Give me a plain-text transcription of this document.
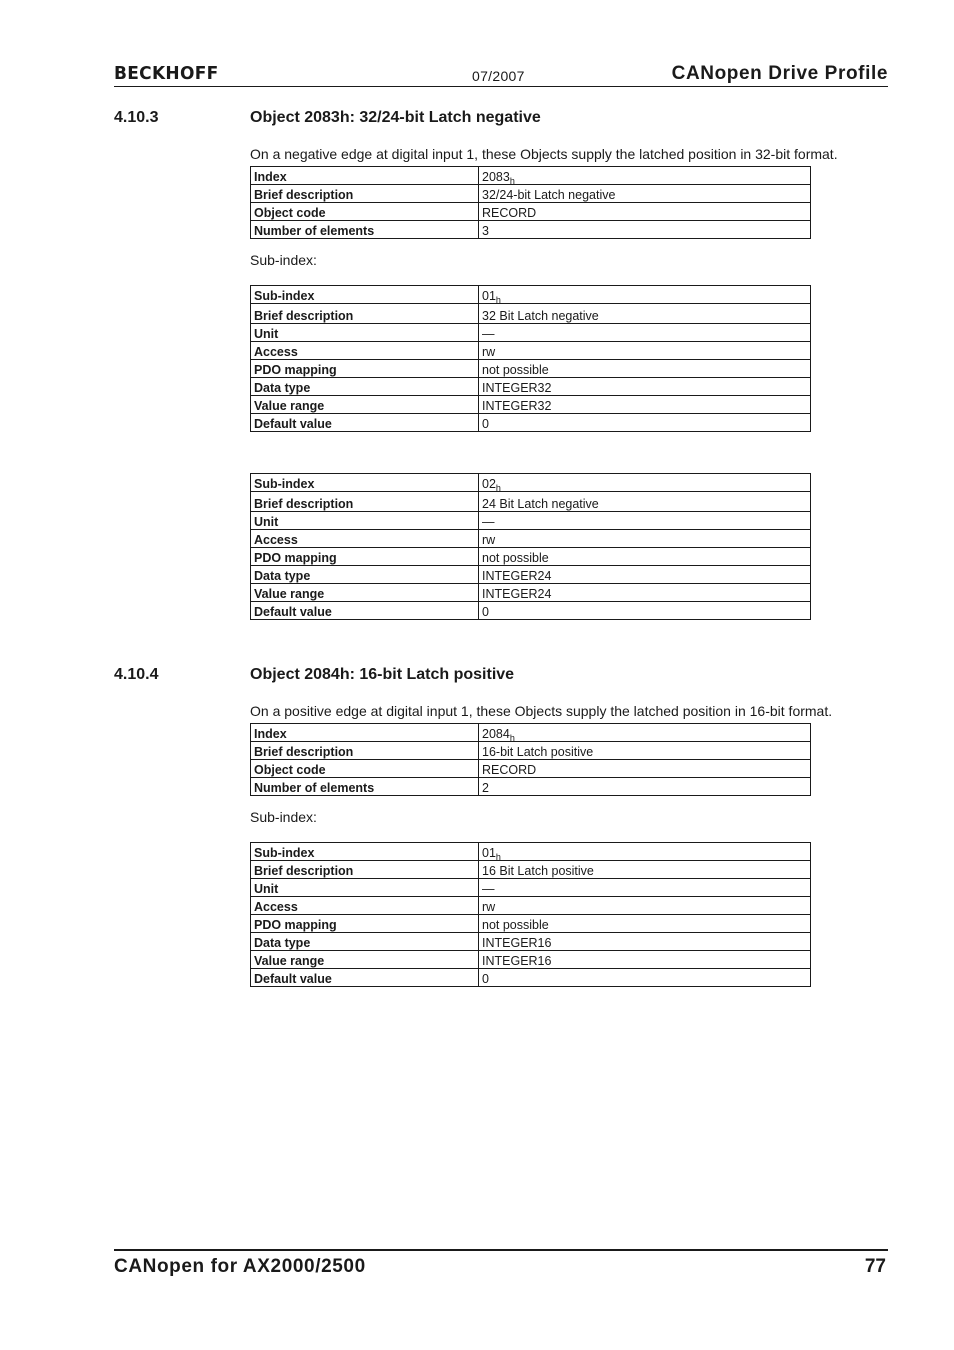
BECKHOFF	07/2007	CANopen Drive Profile
4.10.3	Object 2083h: 32/24-bit Latch negative
On a negative edge at digital input 1, these Objects supply the latched position in 32-bit format.
Index	$2083_h$
Brief description	32/24-bit Latch negative
Object code	RECORD
Number of elements	3
Sub-index:
Sub-index	$01_h$
Brief description	32 Bit Latch negative
Unit	—
Access	rw
PDO mapping	not possible
Data type	INTEGER32
Value range	INTEGER32
Default value	0
Sub-index	$02_h$
Brief description	24 Bit Latch negative
Unit	—
Access	rw
PDO mapping	not possible
Data type	INTEGER24
Value range	INTEGER24
Default value	0
4.10.4	Object 2084h: 16-bit Latch positive
On a positive edge at digital input 1, these Objects supply the latched position in 16-bit format.
Index	$2084_h$
Brief description	16-bit Latch positive
Object code	RECORD
Number of elements	2
Sub-index:
Sub-index	$01_h$
Brief description	16 Bit Latch positive
Unit	—
Access	rw
PDO mapping	not possible
Data type	INTEGER16
Value range	INTEGER16
Default value	0
CANopen for AX2000/2500	77
